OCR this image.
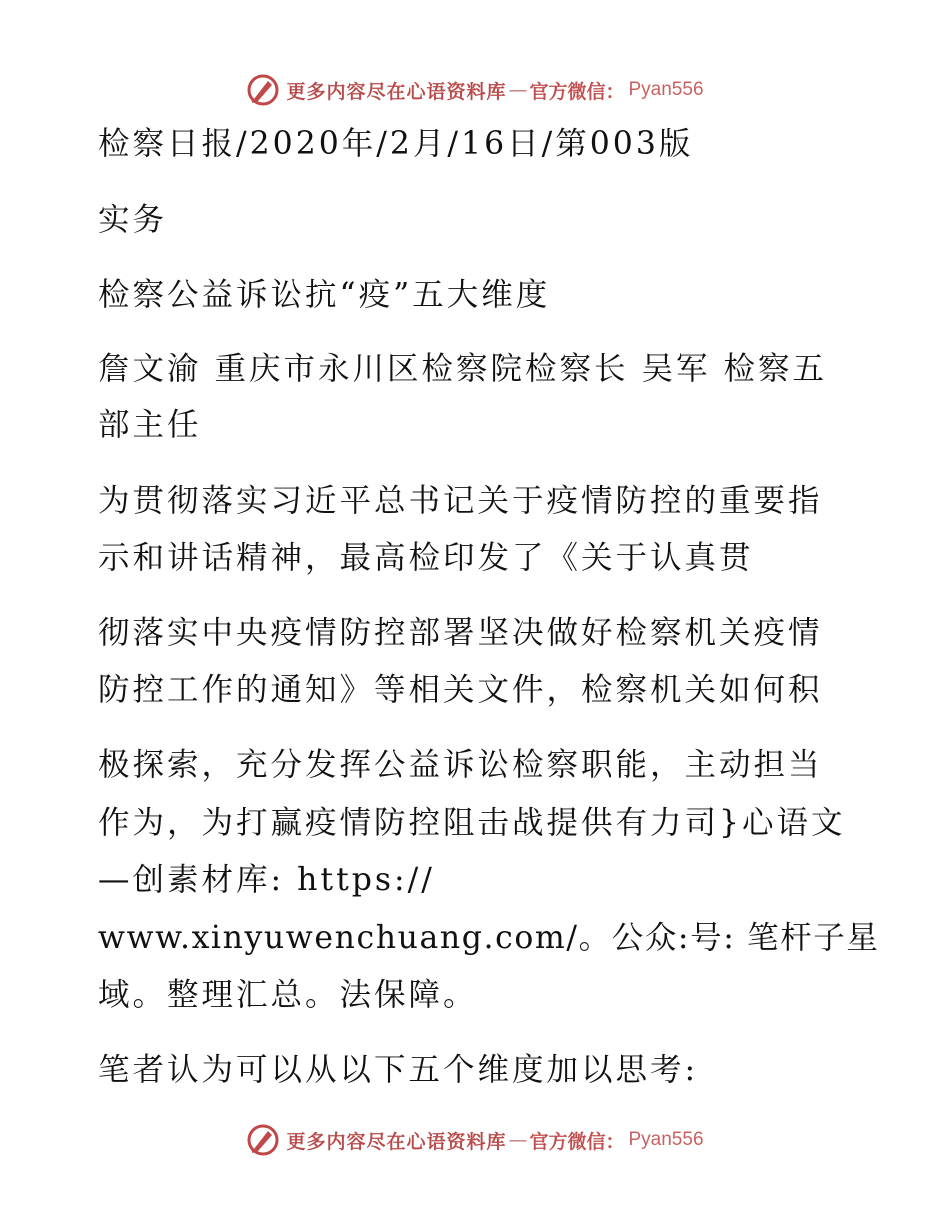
更多内容尽在心语资料库 — 官方微信： Pyan556
检察日报/2020年/2月/16日/第003版
实务
检察公益诉讼抗“疫”五大维度
詹文渝 重庆市永川区检察院检察长 吴军 检察五
部主任
为贯彻落实习近平总书记关于疫情防控的重要指
示和讲话精神，最高检印发了《关于认真贯
彻落实中央疫情防控部署坚决做好检察机关疫情
防控工作的通知》等相关文件，检察机关如何积
极探索，充分发挥公益诉讼检察职能，主动担当
作为，为打赢疫情防控阻击战提供有力司}心语文
—创素材库: https://
www.xinyuwenchuang.com/。公众:号: 笔杆子星
域。整理汇总。法保障。
笔者认为可以从以下五个维度加以思考:
更多内容尽在心语资料库 — 官方微信： Pyan556
